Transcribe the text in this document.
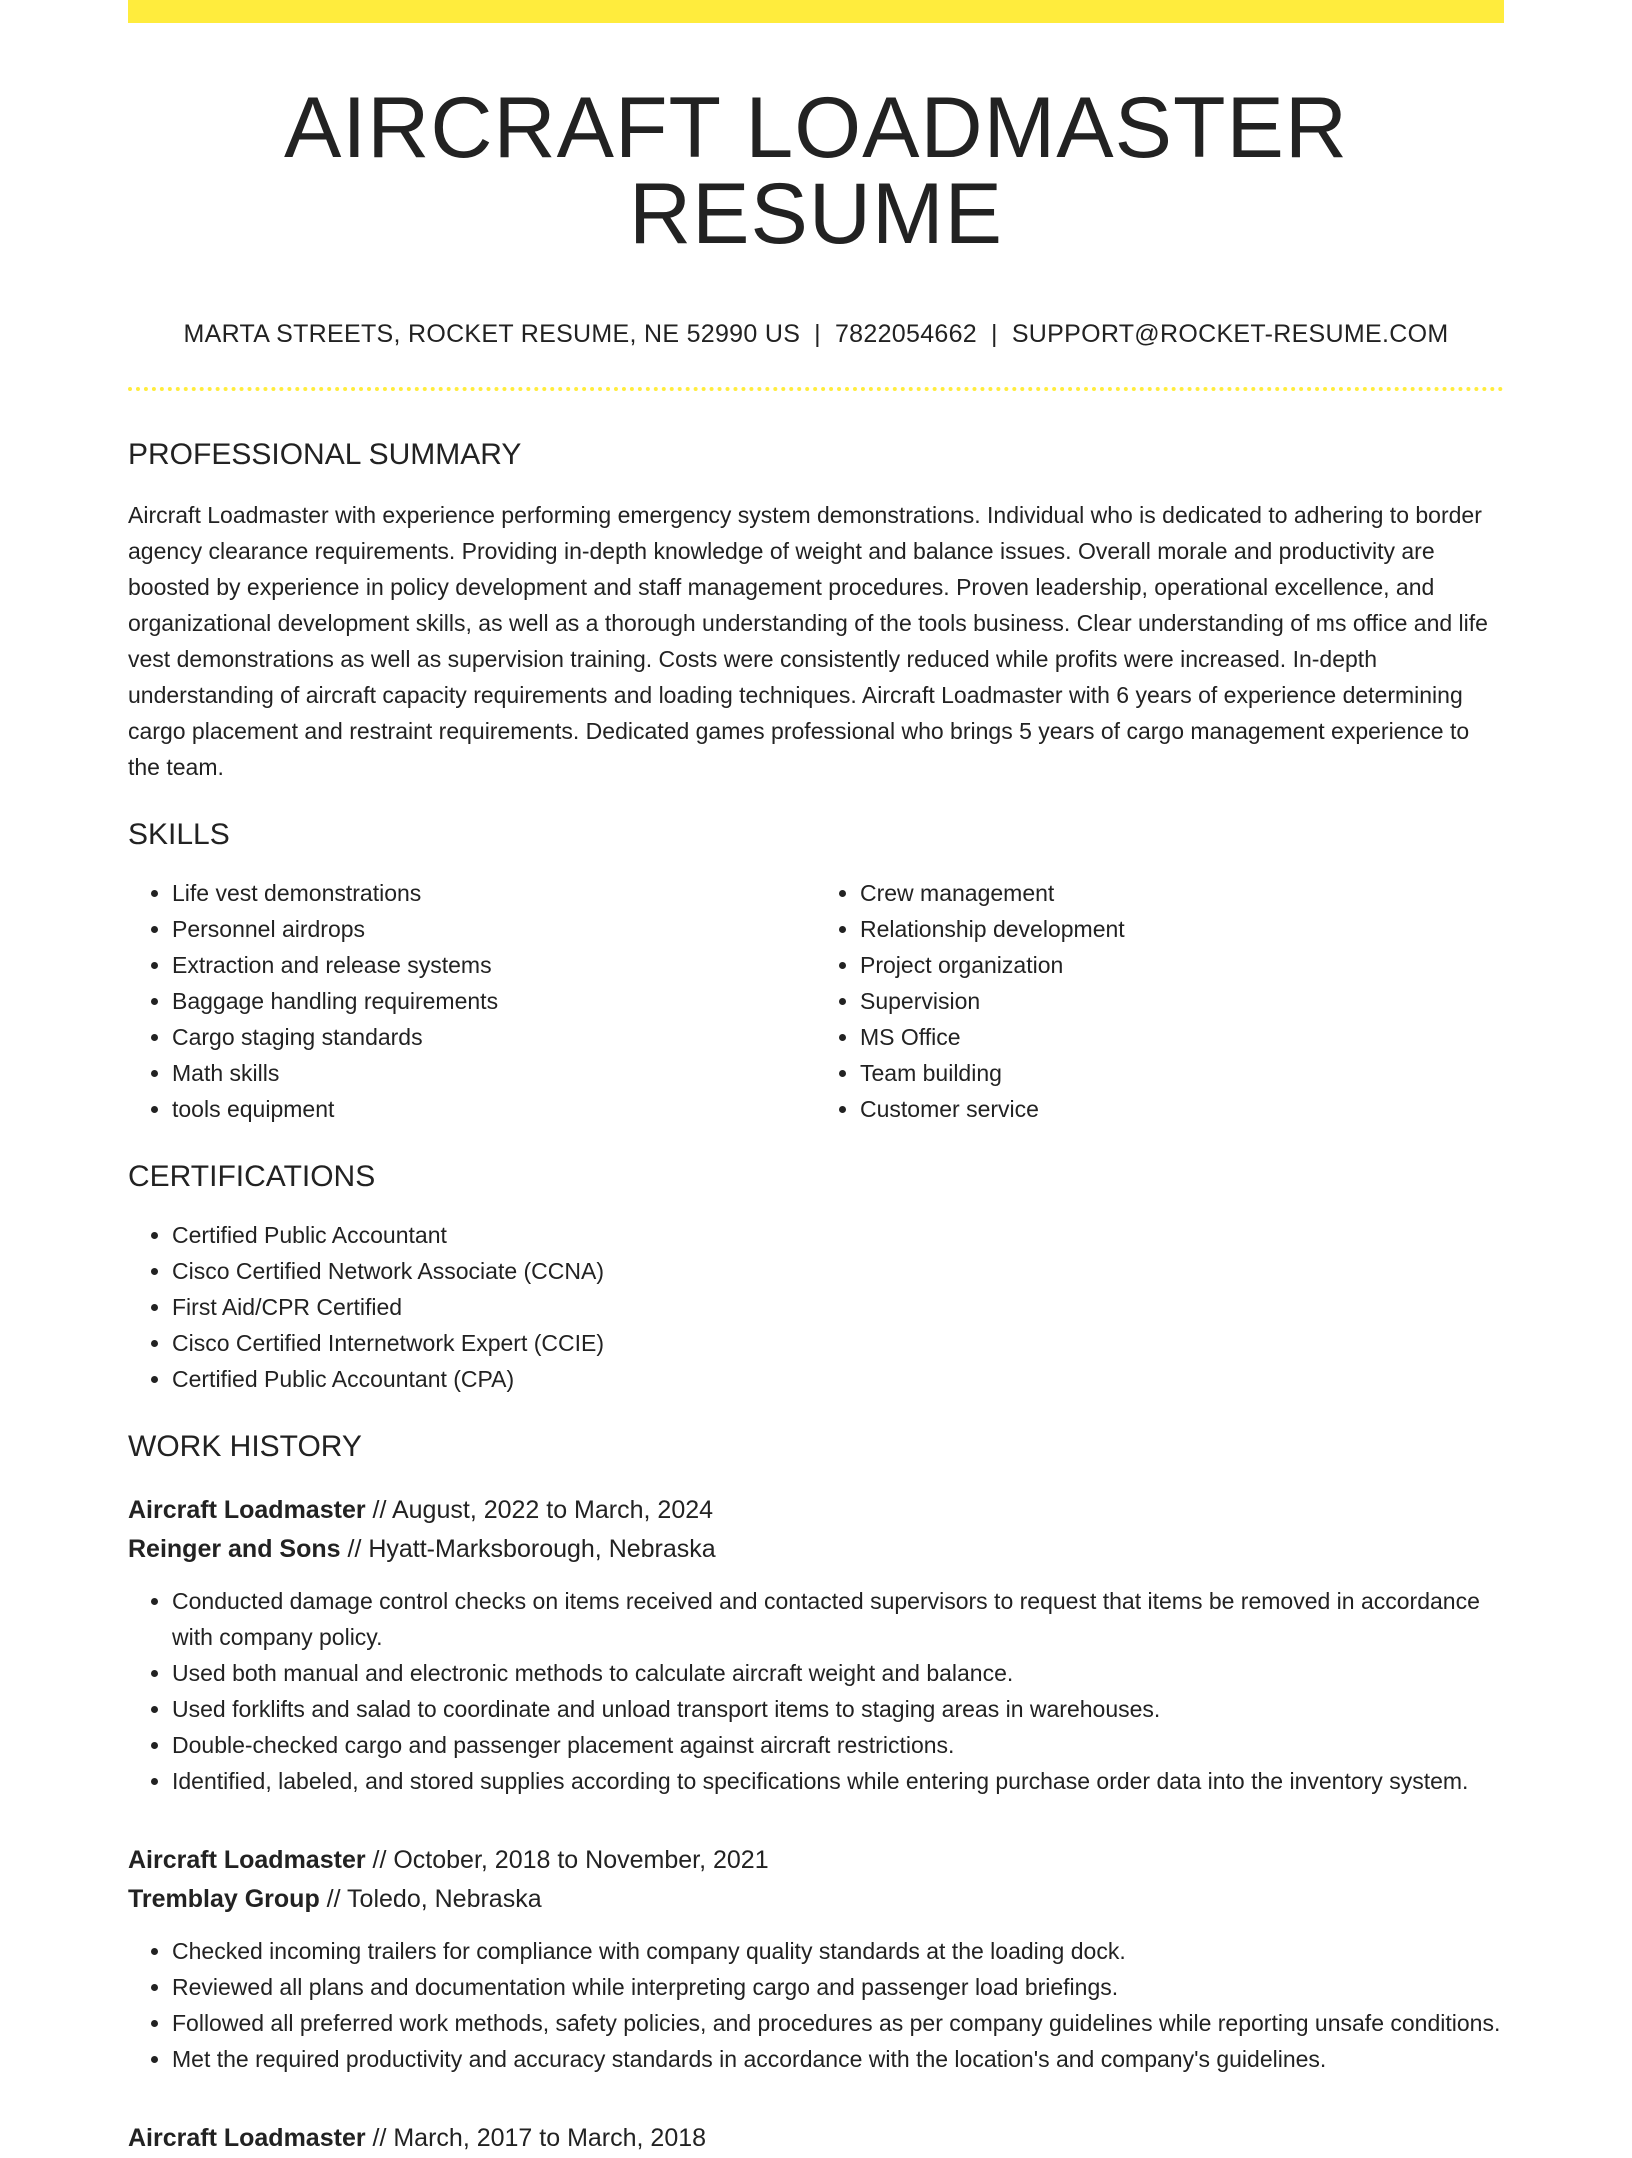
AIRCRAFT LOADMASTER RESUME
MARTA STREETS, ROCKET RESUME, NE 52990 US | 7822054662 | SUPPORT@ROCKET-RESUME.COM
PROFESSIONAL SUMMARY

Aircraft Loadmaster with experience performing emergency system demonstrations. Individual who is dedicated to adhering to border agency clearance requirements. Providing in-depth knowledge of weight and balance issues. Overall morale and productivity are boosted by experience in policy development and staff management procedures. Proven leadership, operational excellence, and organizational development skills, as well as a thorough understanding of the tools business. Clear understanding of ms office and life vest demonstrations as well as supervision training. Costs were consistently reduced while profits were increased. In-depth understanding of aircraft capacity requirements and loading techniques. Aircraft Loadmaster with 6 years of experience determining cargo placement and restraint requirements. Dedicated games professional who brings 5 years of cargo management experience to the team.

SKILLS
• Life vest demonstrations
• Personnel airdrops
• Extraction and release systems
• Baggage handling requirements
• Cargo staging standards
• Math skills
• tools equipment
• Crew management
• Relationship development
• Project organization
• Supervision
• MS Office
• Team building
• Customer service
CERTIFICATIONS
• Certified Public Accountant
• Cisco Certified Network Associate (CCNA)
• First Aid/CPR Certified
• Cisco Certified Internetwork Expert (CCIE)
• Certified Public Accountant (CPA)
WORK HISTORY
Aircraft Loadmaster // August, 2022 to March, 2024
Reinger and Sons // Hyatt-Marksborough, Nebraska
• Conducted damage control checks on items received and contacted supervisors to request that items be removed in accordance with company policy.
• Used both manual and electronic methods to calculate aircraft weight and balance.
• Used forklifts and salad to coordinate and unload transport items to staging areas in warehouses.
• Double-checked cargo and passenger placement against aircraft restrictions.
• Identified, labeled, and stored supplies according to specifications while entering purchase order data into the inventory system.
Aircraft Loadmaster // October, 2018 to November, 2021
Tremblay Group // Toledo, Nebraska
• Checked incoming trailers for compliance with company quality standards at the loading dock.
• Reviewed all plans and documentation while interpreting cargo and passenger load briefings.
• Followed all preferred work methods, safety policies, and procedures as per company guidelines while reporting unsafe conditions.
• Met the required productivity and accuracy standards in accordance with the location's and company's guidelines.
Aircraft Loadmaster // March, 2017 to March, 2018
